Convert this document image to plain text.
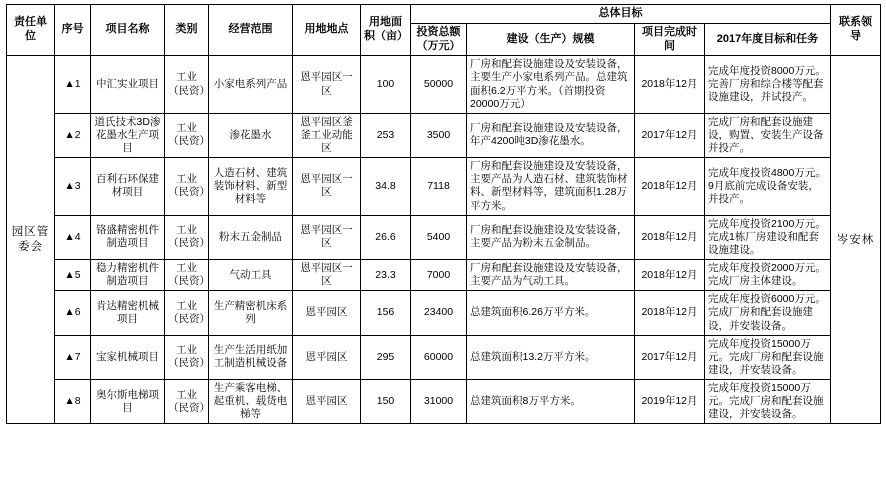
责任单位	序号	项目名称	类别	经营范围	用地地点	用地面积（亩）	总体目标				联系领导
							投资总额（万元）	建设（生产）规模	项目完成时间	2017年度目标和任务	
园区管委会	▲1	中汇实业项目	工业（民资）	小家电系列产品	恩平园区一区	100	50000	厂房和配套设施建设及安装设备，主要生产小家电系列产品。总建筑面积6.2万平方米。（首期投资20000万元）	2018年12月	完成年度投资8000万元。完善厂房和综合楼等配套设施建设，并试投产。	岑安林
	▲2	道氏技术3D渗花墨水生产项目	工业（民资）	渗花墨水	恩平园区釜釜工业动能区	253	3500	厂房和配套设施建设及安装设备，年产4200吨3D渗花墨水。	2017年12月	完成厂房和配套设施建设，购置、安装生产设备并投产。	
	▲3	百利石环保建材项目	工业（民资）	人造石材、建筑装饰材料、新型材料等	恩平园区一区	34.8	7118	厂房和配套设施建设及安装设备，主要产品为人造石材、建筑装饰材料、新型材料等，建筑面积1.28万平方米。	2018年12月	完成年度投资4800万元。9月底前完成设备安装，并投产。	
	▲4	铬盛精密机件制造项目	工业（民资）	粉末五金制品	恩平园区一区	26.6	5400	厂房和配套设施建设及安装设备，主要产品为粉末五金制品。	2018年12月	完成年度投资2100万元。完成1栋厂房建设和配套设施建设。	
	▲5	稳力精密机件制造项目	工业（民资）	气动工具	恩平园区一区	23.3	7000	厂房和配套设施建设及安装设备，主要产品为气动工具。	2018年12月	完成年度投资2000万元。完成厂房主体建设。	
	▲6	肯达精密机械项目	工业（民资）	生产精密机床系列	恩平园区	156	23400	总建筑面积6.26万平方米。	2018年12月	完成年度投资6000万元。完成厂房和配套设施建设，并安装设备。	
	▲7	宝家机械项目	工业（民资）	生产生活用纸加工制造机械设备	恩平园区	295	60000	总建筑面积13.2万平方米。	2017年12月	完成年度投资15000万元。完成厂房和配套设施建设，并安装设备。	
	▲8	奥尔斯电梯项目	工业（民资）	生产乘客电梯、起重机、载货电梯等	恩平园区	150	31000	总建筑面积8万平方米。	2019年12月	完成年度投资15000万元。完成厂房和配套设施建设，并安装设备。	
